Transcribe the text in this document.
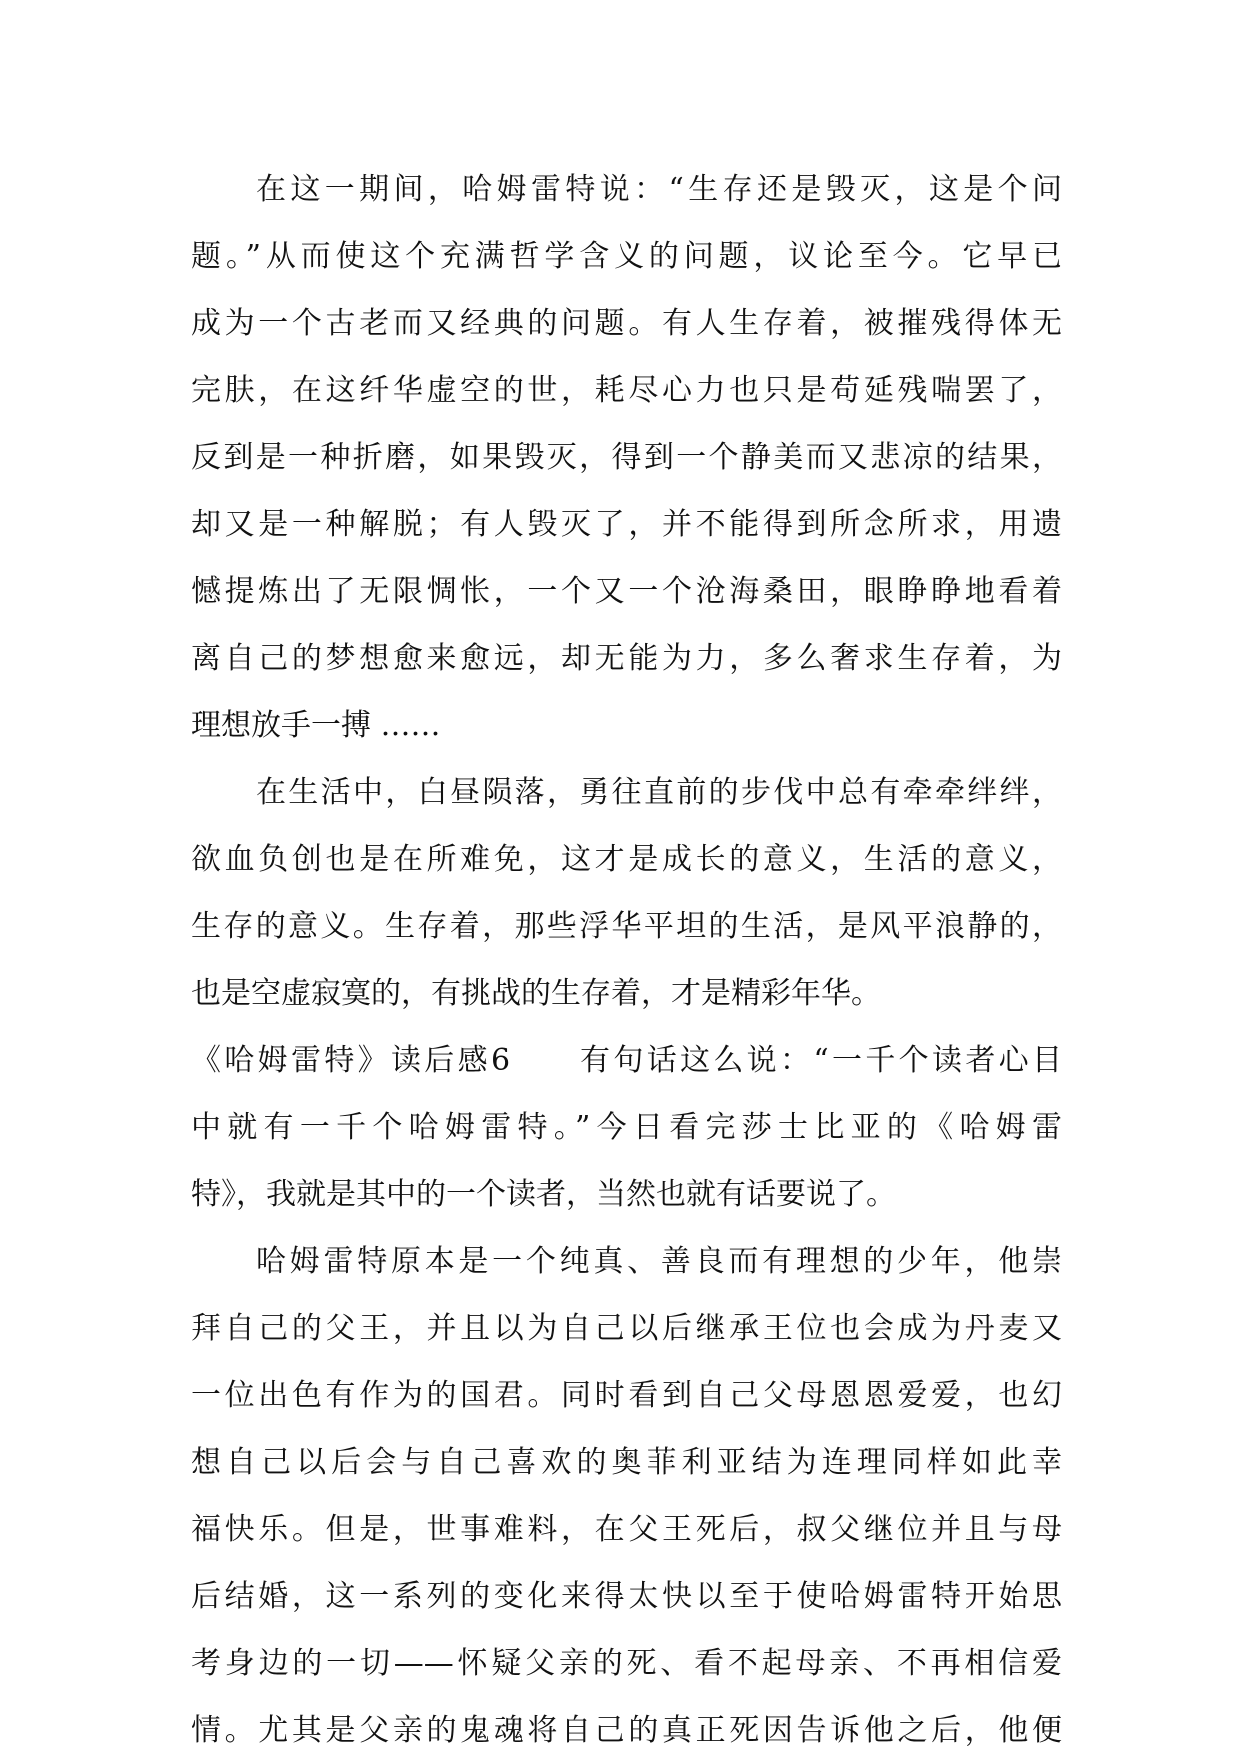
在这一期间，哈姆雷特说：“生存还是毁灭，这是个问
题。”从而使这个充满哲学含义的问题，议论至今。它早已
成为一个古老而又经典的问题。有人生存着，被摧残得体无
完肤，在这纤华虚空的世，耗尽心力也只是苟延残喘罢了，
反到是一种折磨，如果毁灭，得到一个静美而又悲凉的结果，
却又是一种解脱；有人毁灭了，并不能得到所念所求，用遗
憾提炼出了无限惆怅，一个又一个沧海桑田，眼睁睁地看着
离自己的梦想愈来愈远，却无能为力，多么奢求生存着，为
理想放手一搏 ……
在生活中，白昼陨落，勇往直前的步伐中总有牵牵绊绊，
欲血负创也是在所难免，这才是成长的意义，生活的意义，
生存的意义。生存着，那些浮华平坦的生活，是风平浪静的，
也是空虚寂寞的，有挑战的生存着，才是精彩年华。
《哈姆雷特》读后感6　　有句话这么说：“一千个读者心目
中就有一千个哈姆雷特。”今日看完莎士比亚的《哈姆雷
特》，我就是其中的一个读者，当然也就有话要说了。
哈姆雷特原本是一个纯真、善良而有理想的少年，他崇
拜自己的父王，并且以为自己以后继承王位也会成为丹麦又
一位出色有作为的国君。同时看到自己父母恩恩爱爱，也幻
想自己以后会与自己喜欢的奥菲利亚结为连理同样如此幸
福快乐。但是，世事难料，在父王死后，叔父继位并且与母
后结婚，这一系列的变化来得太快以至于使哈姆雷特开始思
考身边的一切——怀疑父亲的死、看不起母亲、不再相信爱
情。尤其是父亲的鬼魂将自己的真正死因告诉他之后，他便
